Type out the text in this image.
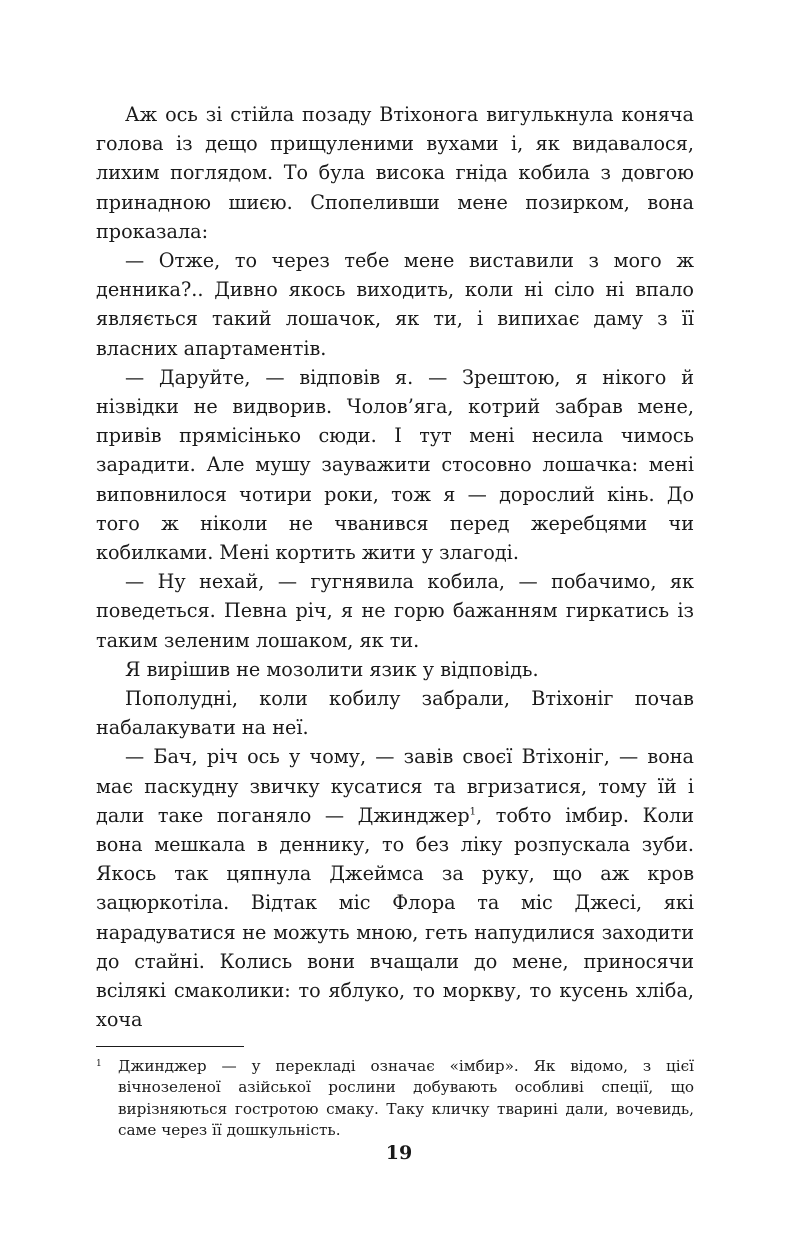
Аж ось зі стійла позаду Втіхонога вигулькнула коняча голова із дещо прищуленими вухами і, як видавалося, лихим поглядом. То була висока гніда кобила з довгою принадною шиєю. Спопеливши мене позирком, вона проказала:

— Отже, то через тебе мене виставили з мого ж денника?.. Дивно якось виходить, коли ні сіло ні впало являється такий лошачок, як ти, і випихає даму з її власних апартаментів.

— Даруйте, — відповів я. — Зрештою, я нікого й нізвідки не видворив. Чолов’яга, котрий забрав мене, привів прямісінько сюди. І тут мені несила чимось зарадити. Але мушу зауважити стосовно лошачка: мені виповнилося чотири роки, тож я — дорослий кінь. До того ж ніколи не чванився перед жеребцями чи кобилками. Мені кортить жити у злагоді.

— Ну нехай, — гугнявила кобила, — побачимо, як поведеться. Певна річ, я не горю бажанням гиркатись із таким зеленим лошаком, як ти.

Я вирішив не мозолити язик у відповідь.

Пополудні, коли кобилу забрали, Втіхоніг почав набалакувати на неї.

— Бач, річ ось у чому, — завів своєї Втіхоніг, — вона має паскудну звичку кусатися та вгризатися, тому їй і дали таке поганяло — Джинджер$^1$, тобто імбир. Коли вона мешкала в деннику, то без ліку розпускала зуби. Якось так цяпнула Джеймса за руку, що аж кров зацюркотіла. Відтак міс Флора та міс Джесі, які нарадуватися не можуть мною, геть напудилися заходити до стайні. Колись вони вчащали до мене, приносячи всілякі смаколики: то яблуко, то моркву, то кусень хліба, хоча

1 Джинджер — у перекладі означає «імбир». Як відомо, з цієї вічнозеленої азійської рослини добувають особливі спеції, що вирізняються гостротою смаку. Таку кличку тварині дали, вочевидь, саме через її дошкульність.
19
